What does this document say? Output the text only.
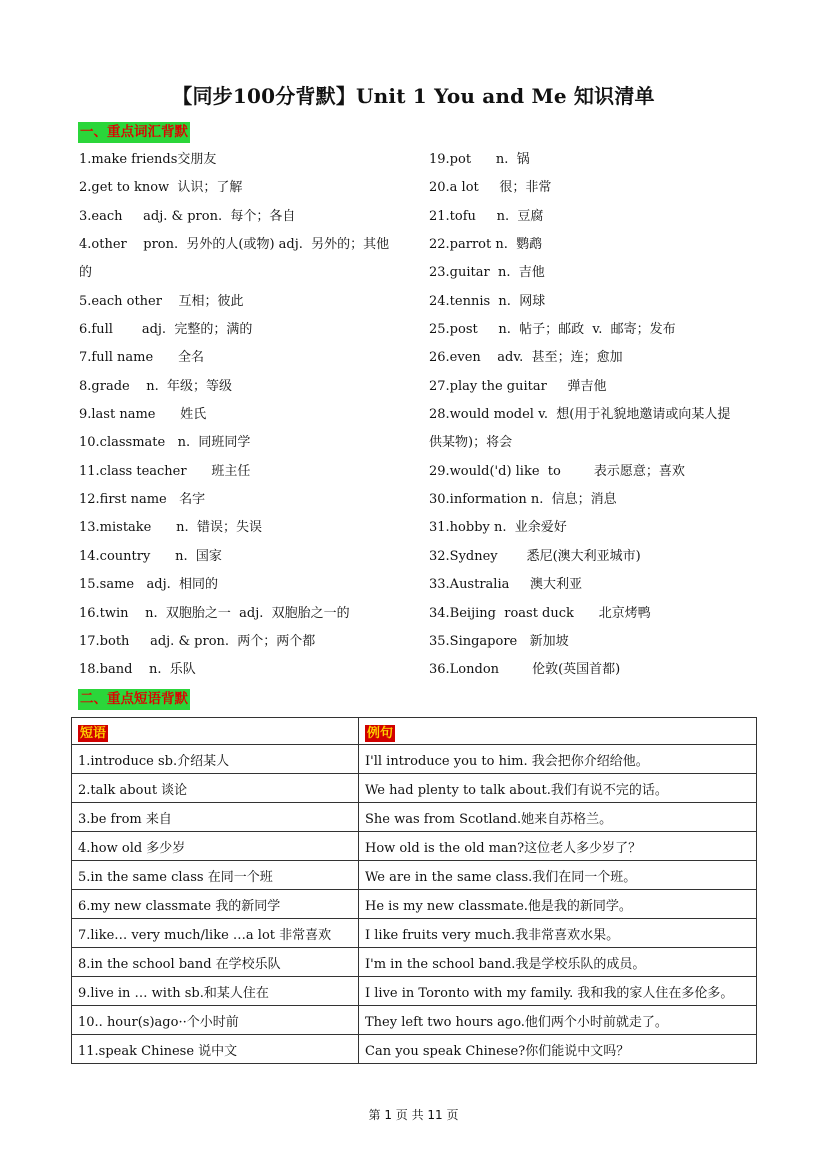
【同步100分背默】Unit 1 You and Me 知识清单
一、重点词汇背默
1.make friends交朋友
2.get to know  认识；了解
3.each     adj. & pron.  每个；各自
4.other    pron.  另外的人(或物) adj.  另外的；其他
的
5.each other    互相；彼此
6.full       adj.  完整的；满的
7.full name      全名
8.grade    n.  年级；等级
9.last name      姓氏
10.classmate   n.  同班同学
11.class teacher      班主任
12.first name   名字
13.mistake      n.  错误；失误
14.country      n.  国家
15.same   adj.  相同的
16.twin    n.  双胞胎之一  adj.  双胞胎之一的
17.both     adj. & pron.  两个；两个都
18.band    n.  乐队
19.pot      n.  锅
20.a lot     很；非常
21.tofu     n.  豆腐
22.parrot n.  鹦鹉
23.guitar  n.  吉他
24.tennis  n.  网球
25.post     n.  帖子；邮政  v.  邮寄；发布
26.even    adv.  甚至；连；愈加
27.play the guitar     弹吉他
28.would model v.  想(用于礼貌地邀请或向某人提
供某物)；将会
29.would('d) like  to        表示愿意；喜欢
30.information n.  信息；消息
31.hobby n.  业余爱好
32.Sydney       悉尼(澳大利亚城市)
33.Australia     澳大利亚
34.Beijing  roast duck      北京烤鸭
35.Singapore   新加坡
36.London        伦敦(英国首都)
二、重点短语背默
短语	例句
1.introduce sb.介绍某人	I'll introduce you to him. 我会把你介绍给他。
2.talk about 谈论	We had plenty to talk about.我们有说不完的话。
3.be from 来自	She was from Scotland.她来自苏格兰。
4.how old 多少岁	How old is the old man?这位老人多少岁了？
5.in the same class 在同一个班	We are in the same class.我们在同一个班。
6.my new classmate 我的新同学	He is my new classmate.他是我的新同学。
7.like… very much/like …a lot 非常喜欢	I like fruits very much.我非常喜欢水果。
8.in the school band 在学校乐队	I'm in the school band.我是学校乐队的成员。
9.live in … with sb.和某人住在	I live in Toronto with my family. 我和我的家人住在多伦多。
10.. hour(s)ago··个小时前	They left two hours ago.他们两个小时前就走了。
11.speak Chinese 说中文	Can you speak Chinese?你们能说中文吗？
第 1 页 共 11 页
